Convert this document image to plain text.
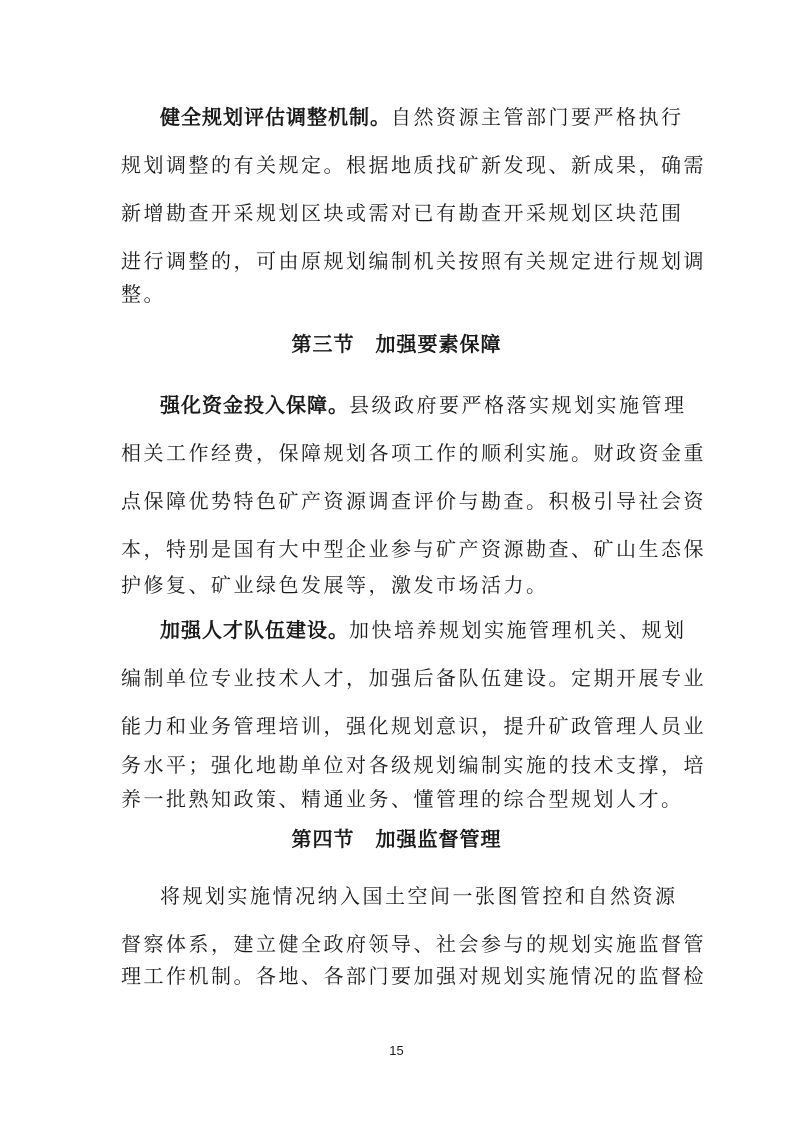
健全规划评估调整机制。自然资源主管部门要严格执行
规划调整的有关规定。根据地质找矿新发现、新成果，确需
新增勘查开采规划区块或需对已有勘查开采规划区块范围
进行调整的，可由原规划编制机关按照有关规定进行规划调
整。
第三节　加强要素保障
强化资金投入保障。县级政府要严格落实规划实施管理
相关工作经费，保障规划各项工作的顺利实施。财政资金重
点保障优势特色矿产资源调查评价与勘查。积极引导社会资
本，特别是国有大中型企业参与矿产资源勘查、矿山生态保
护修复、矿业绿色发展等，激发市场活力。
加强人才队伍建设。加快培养规划实施管理机关、规划
编制单位专业技术人才，加强后备队伍建设。定期开展专业
能力和业务管理培训，强化规划意识，提升矿政管理人员业
务水平；强化地勘单位对各级规划编制实施的技术支撑，培
养一批熟知政策、精通业务、懂管理的综合型规划人才。
第四节　加强监督管理
将规划实施情况纳入国土空间一张图管控和自然资源
督察体系，建立健全政府领导、社会参与的规划实施监督管
理工作机制。各地、各部门要加强对规划实施情况的监督检
15
